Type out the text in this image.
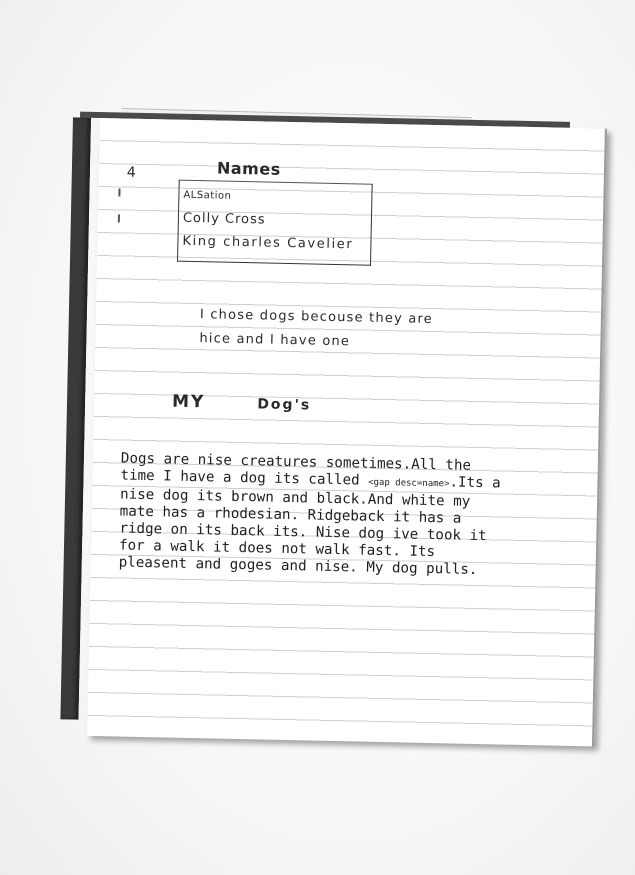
4	Names
ALSation
Colly Cross
King charles Cavelier
I chose dogs becouse they are
hice and I have one
MY	Dog's
Dogs are nise creatures sometimes.All the
time I have a dog its called <gap desc=name>.Its a
nise dog its brown and black.And white my
mate has a rhodesian. Ridgeback it has a
ridge on its back its. Nise dog ive took it
for a walk it does not walk fast. Its
pleasent and goges and nise. My dog pulls.
